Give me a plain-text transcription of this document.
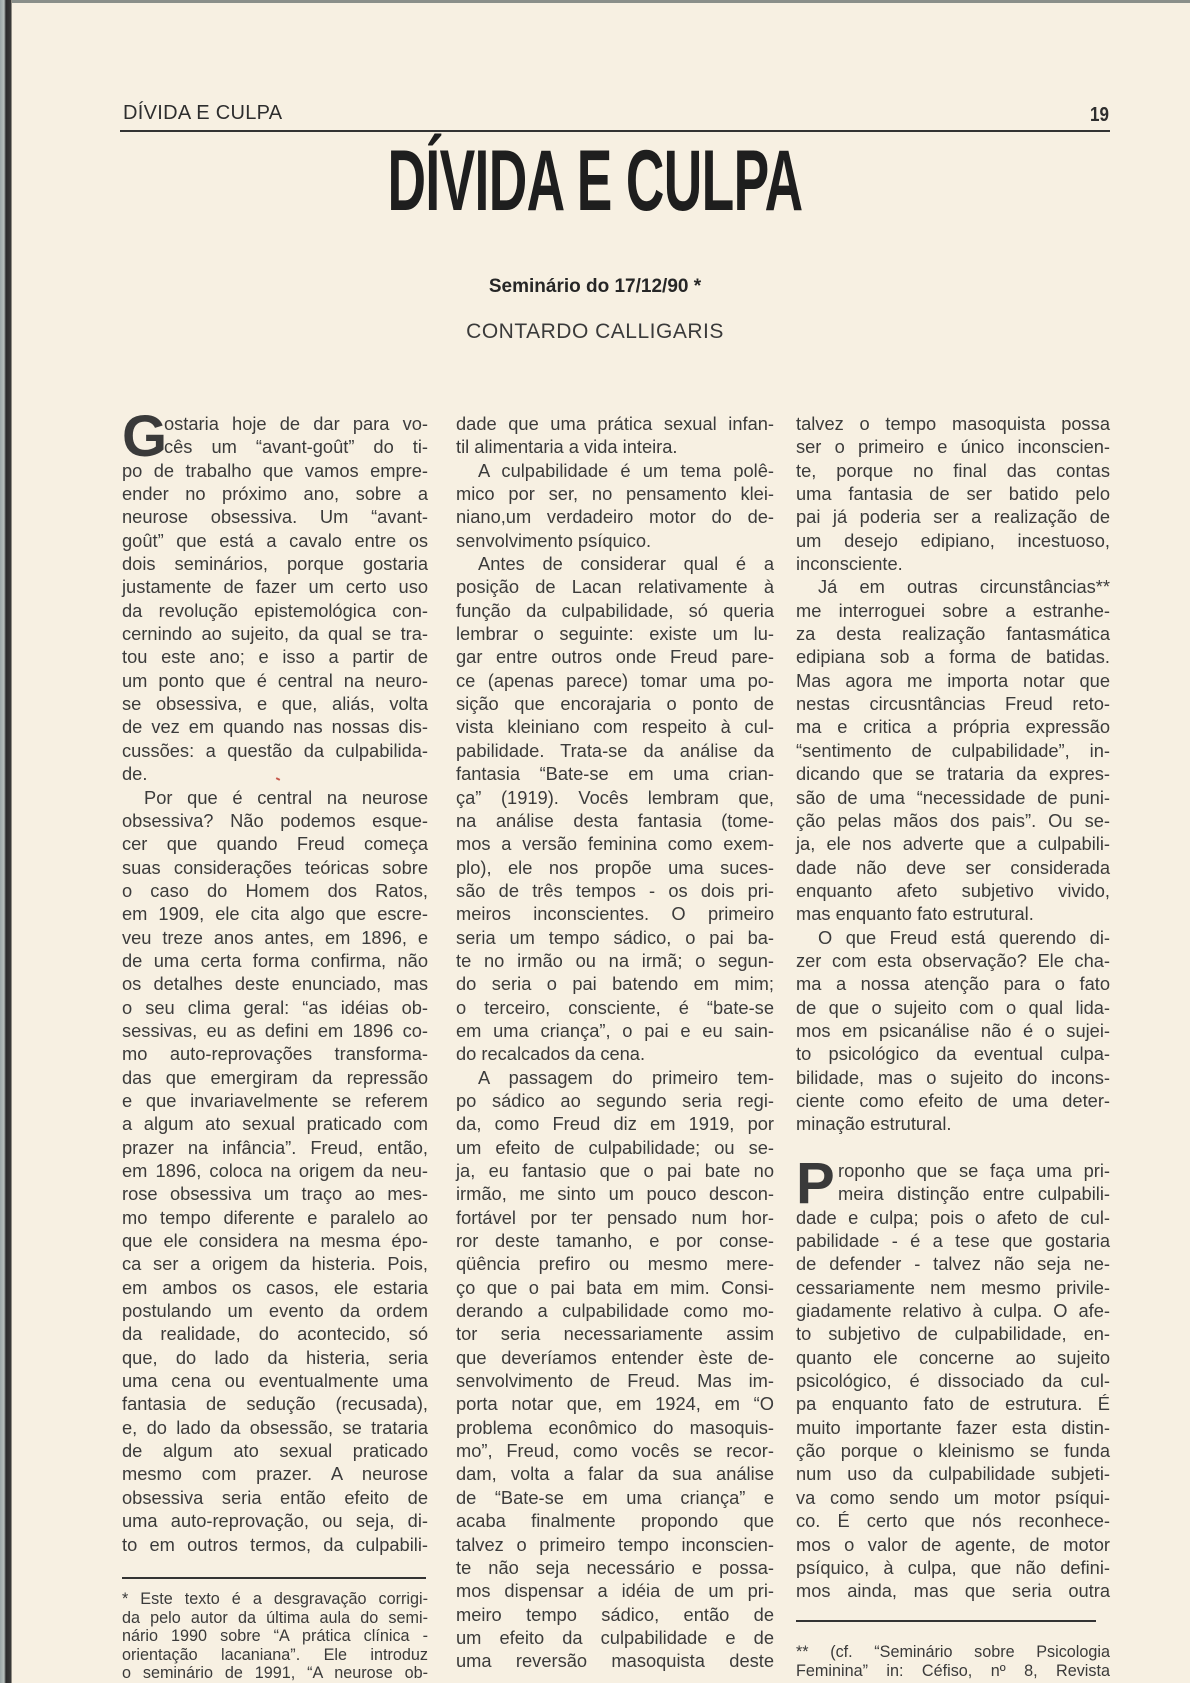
DÍVIDA E CULPA	19
DÍVIDA E CULPA
Seminário do 17/12/90 *
CONTARDO CALLIGARIS
G
ostaria hoje de dar para vo-
cês um “avant-goût” do ti-
po de trabalho que vamos empre-
ender no próximo ano, sobre a
neurose obsessiva. Um “avant-
goût” que está a cavalo entre os
dois seminários, porque gostaria
justamente de fazer um certo uso
da revolução epistemológica con-
cernindo ao sujeito, da qual se tra-
tou este ano; e isso a partir de
um ponto que é central na neuro-
se obsessiva, e que, aliás, volta
de vez em quando nas nossas dis-
cussões: a questão da culpabilida-
de.
Por que é central na neurose
obsessiva? Não podemos esque-
cer que quando Freud começa
suas considerações teóricas sobre
o caso do Homem dos Ratos,
em 1909, ele cita algo que escre-
veu treze anos antes, em 1896, e
de uma certa forma confirma, não
os detalhes deste enunciado, mas
o seu clima geral: “as idéias ob-
sessivas, eu as defini em 1896 co-
mo auto-reprovações transforma-
das que emergiram da repressão
e que invariavelmente se referem
a algum ato sexual praticado com
prazer na infância”. Freud, então,
em 1896, coloca na origem da neu-
rose obsessiva um traço ao mes-
mo tempo diferente e paralelo ao
que ele considera na mesma épo-
ca ser a origem da histeria. Pois,
em ambos os casos, ele estaria
postulando um evento da ordem
da realidade, do acontecido, só
que, do lado da histeria, seria
uma cena ou eventualmente uma
fantasia de sedução (recusada),
e, do lado da obsessão, se trataria
de algum ato sexual praticado
mesmo com prazer. A neurose
obsessiva seria então efeito de
uma auto-reprovação, ou seja, di-
to em outros termos, da culpabili-
dade que uma prática sexual infan-
til alimentaria a vida inteira.
A culpabilidade é um tema polê-
mico por ser, no pensamento klei-
niano,um verdadeiro motor do de-
senvolvimento psíquico.
Antes de considerar qual é a
posição de Lacan relativamente à
função da culpabilidade, só queria
lembrar o seguinte: existe um lu-
gar entre outros onde Freud pare-
ce (apenas parece) tomar uma po-
sição que encorajaria o ponto de
vista kleiniano com respeito à cul-
pabilidade. Trata-se da análise da
fantasia “Bate-se em uma crian-
ça” (1919). Vocês lembram que,
na análise desta fantasia (tome-
mos a versão feminina como exem-
plo), ele nos propõe uma suces-
são de três tempos - os dois pri-
meiros inconscientes. O primeiro
seria um tempo sádico, o pai ba-
te no irmão ou na irmã; o segun-
do seria o pai batendo em mim;
o terceiro, consciente, é “bate-se
em uma criança”, o pai e eu sain-
do recalcados da cena.
A passagem do primeiro tem-
po sádico ao segundo seria regi-
da, como Freud diz em 1919, por
um efeito de culpabilidade; ou se-
ja, eu fantasio que o pai bate no
irmão, me sinto um pouco descon-
fortável por ter pensado num hor-
ror deste tamanho, e por conse-
qüência prefiro ou mesmo mere-
ço que o pai bata em mim. Consi-
derando a culpabilidade como mo-
tor seria necessariamente assim
que deveríamos entender èste de-
senvolvimento de Freud. Mas im-
porta notar que, em 1924, em “O
problema econômico do masoquis-
mo”, Freud, como vocês se recor-
dam, volta a falar da sua análise
de “Bate-se em uma criança” e
acaba finalmente propondo que
talvez o primeiro tempo inconscien-
te não seja necessário e possa-
mos dispensar a idéia de um pri-
meiro tempo sádico, então de
um efeito da culpabilidade e de
uma reversão masoquista deste
talvez o tempo masoquista possa
ser o primeiro e único inconscien-
te, porque no final das contas
uma fantasia de ser batido pelo
pai já poderia ser a realização de
um desejo edipiano, incestuoso,
inconsciente.
Já em outras circunstâncias**
me interroguei sobre a estranhe-
za desta realização fantasmática
edipiana sob a forma de batidas.
Mas agora me importa notar que
nestas circusntâncias Freud reto-
ma e critica a própria expressão
“sentimento de culpabilidade”, in-
dicando que se trataria da expres-
são de uma “necessidade de puni-
ção pelas mãos dos pais”. Ou se-
ja, ele nos adverte que a culpabili-
dade não deve ser considerada
enquanto afeto subjetivo vivido,
mas enquanto fato estrutural.
O que Freud está querendo di-
zer com esta observação? Ele cha-
ma a nossa atenção para o fato
de que o sujeito com o qual lida-
mos em psicanálise não é o sujei-
to psicológico da eventual culpa-
bilidade, mas o sujeito do incons-
ciente como efeito de uma deter-
minação estrutural.
P roponho que se faça uma pri-
meira distinção entre culpabili-
dade e culpa; pois o afeto de cul-
pabilidade - é a tese que gostaria
de defender - talvez não seja ne-
cessariamente nem mesmo privile-
giadamente relativo à culpa. O afe-
to subjetivo de culpabilidade, en-
quanto ele concerne ao sujeito
psicológico, é dissociado da cul-
pa enquanto fato de estrutura. É
muito importante fazer esta distin-
ção porque o kleinismo se funda
num uso da culpabilidade subjeti-
va como sendo um motor psíqui-
co. É certo que nós reconhece-
mos o valor de agente, de motor
psíquico, à culpa, que não defini-
mos ainda, mas que seria outra
* Este texto é a desgravação corrigi-
da pelo autor da última aula do semi-
nário 1990 sobre “A prática clínica -
orientação lacaniana”. Ele introduz
o seminário de 1991, “A neurose ob-
** (cf. “Seminário sobre Psicologia
Feminina” in: Céfiso, nº 8, Revista
